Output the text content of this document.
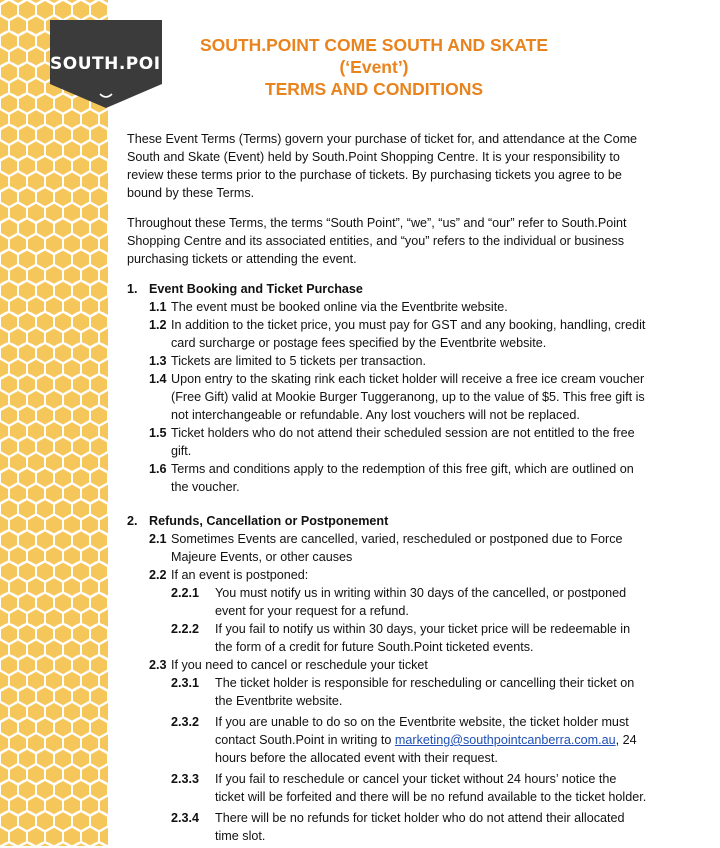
SOUTH.POINT
SOUTH.POINT COME SOUTH AND SKATE
(‘Event’)
TERMS AND CONDITIONS

These Event Terms (Terms) govern your purchase of ticket for, and attendance at the Come South and Skate (Event) held by South.Point Shopping Centre. It is your responsibility to review these terms prior to the purchase of tickets. By purchasing tickets you agree to be bound by these Terms.

Throughout these Terms, the terms “South Point”, “we”, “us” and “our” refer to South.Point Shopping Centre and its associated entities, and “you” refers to the individual or business purchasing tickets or attending the event.

1. Event Booking and Ticket Purchase
1.1 The event must be booked online via the Eventbrite website.
1.2 In addition to the ticket price, you must pay for GST and any booking, handling, credit card surcharge or postage fees specified by the Eventbrite website.
1.3 Tickets are limited to 5 tickets per transaction.
1.4 Upon entry to the skating rink each ticket holder will receive a free ice cream voucher (Free Gift) valid at Mookie Burger Tuggeranong, up to the value of $5. This free gift is not interchangeable or refundable. Any lost vouchers will not be replaced.
1.5 Ticket holders who do not attend their scheduled session are not entitled to the free gift.
1.6 Terms and conditions apply to the redemption of this free gift, which are outlined on the voucher.
2. Refunds, Cancellation or Postponement
2.1 Sometimes Events are cancelled, varied, rescheduled or postponed due to Force Majeure Events, or other causes
2.2 If an event is postponed:
2.2.1	You must notify us in writing within 30 days of the cancelled, or postponed event for your request for a refund.
2.2.2	If you fail to notify us within 30 days, your ticket price will be redeemable in the form of a credit for future South.Point ticketed events.
2.3 If you need to cancel or reschedule your ticket
2.3.1	The ticket holder is responsible for rescheduling or cancelling their ticket on the Eventbrite website.
2.3.2	If you are unable to do so on the Eventbrite website, the ticket holder must contact South.Point in writing to marketing@southpointcanberra.com.au, 24 hours before the allocated event with their request.
2.3.3	If you fail to reschedule or cancel your ticket without 24 hours’ notice the ticket will be forfeited and there will be no refund available to the ticket holder.
2.3.4	There will be no refunds for ticket holder who do not attend their allocated time slot.
